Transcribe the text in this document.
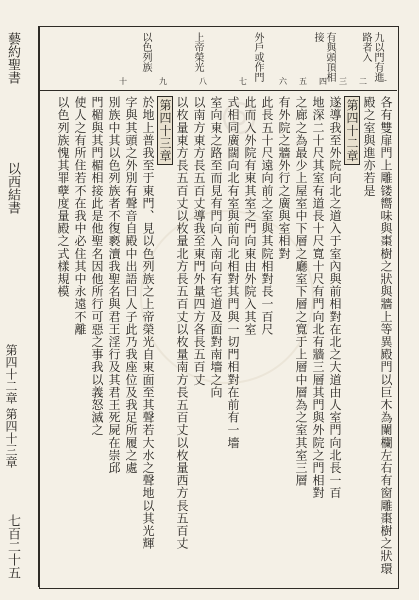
藝約聖書
以西結書
第四十二章 第四十三章
七百二十五
九以門有進路者入
有與頭頂相接
外戶或作門
上帝榮光
以色列族
一
二
三
四
五
六
七
八
九
十
各有雙扉門上雕镂嚮味與棗樹之狀與牆上等異殿門以巨木為闌欄左右有窗雕棗樹之狀環
殿之室與進亦若是
第四十二章
遂導我至外院向北之道入于室內與前相對在北之大道由人室門向北長一百
地深二十尺其室有道長十尺寬十尺有門向北有牆三層其門與外院之門相對
之廊之為最少上屋室中下層之廳室下層之寬于上層中層為之室其室三層
有外院之牆外行之廣與室相對
此長五十尺遠向前之室與其院相對長一百尺
此而入外院有東其室之門向東由外院入其室
式相同廣闊向北有室與前向北相對其門與一切門相對在前有一墻
室向東之路至而見有門向入南向有宅道及面對南墻之向
以南方東方長五百丈導我至東門外量四方各長五百丈
以枚量東方長五百丈以枚量北方長五百丈以枚量南方長五百丈以枚量西方長五百丈
第四十三章
於地上普我至于東門、見以色列族之上帝榮光自東面至其聲若大水之聲地以其光輝
字與其頭之外別有聲音自殿中出語曰人子此乃我座位及我足所履之處
別族中其以色列族者不復褻瀆我聖名與君王淫行及其君王死屍在崇邱
門楣與其門楣相接此是他聖名因他所行可惡之事我以義怒滅之
使人之有所住若不在我中必住其中永遠不離
以色列族愧其罪孽度量殿之式樣規模	◎
